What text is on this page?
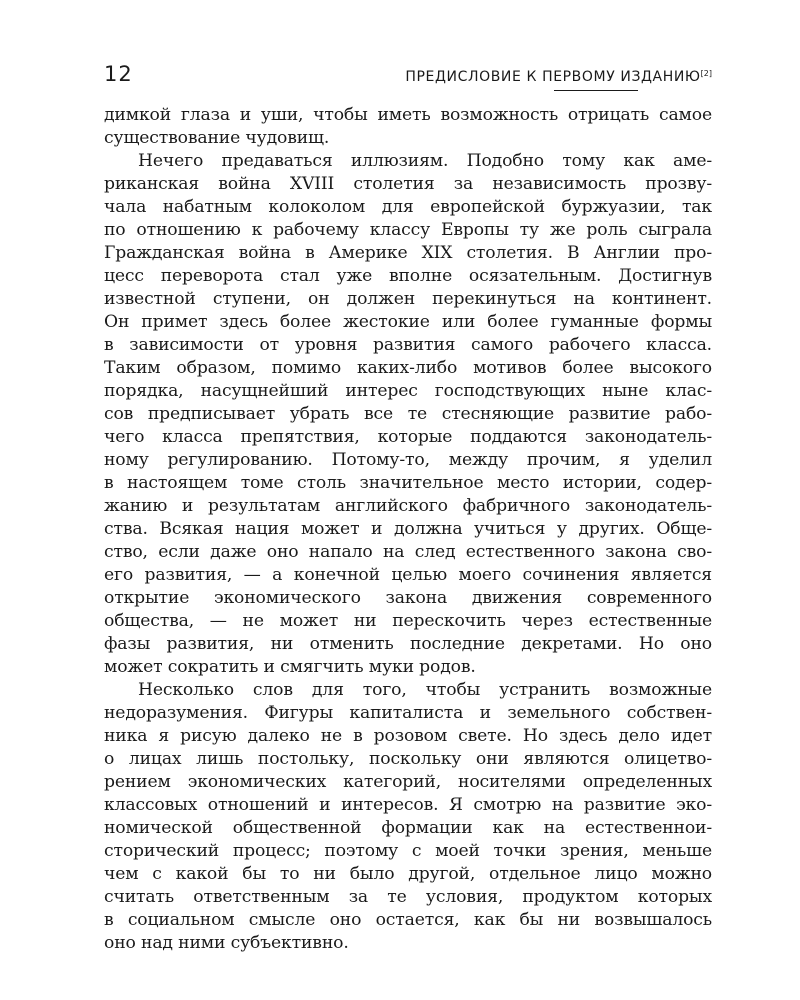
12	ПРЕДИСЛОВИЕ К ПЕРВОМУ ИЗДАНИЮ[2]
димкой глаза и уши, чтобы иметь возможность отрицать самое
существование чудовищ.
Нечего предаваться иллюзиям. Подобно тому как аме-
риканская война XVIII столетия за независимость прозву-
чала набатным колоколом для европейской буржуазии, так
по отношению к рабочему классу Европы ту же роль сыграла
Гражданская война в Америке XIX столетия. В Англии про-
цесс переворота стал уже вполне осязательным. Достигнув
известной ступени, он должен перекинуться на континент.
Он примет здесь более жестокие или более гуманные формы
в зависимости от уровня развития самого рабочего класса.
Таким образом, помимо каких-либо мотивов более высокого
порядка, насущнейший интерес господствующих ныне клас-
сов предписывает убрать все те стесняющие развитие рабо-
чего класса препятствия, которые поддаются законодатель-
ному регулированию. Потому-то, между прочим, я уделил
в настоящем томе столь значительное место истории, содер-
жанию и результатам английского фабричного законодатель-
ства. Всякая нация может и должна учиться у других. Обще-
ство, если даже оно напало на след естественного закона сво-
его развития, — а конечной целью моего сочинения является
открытие экономического закона движения современного
общества, — не может ни перескочить через естественные
фазы развития, ни отменить последние декретами. Но оно
может сократить и смягчить муки родов.
Несколько слов для того, чтобы устранить возможные
недоразумения. Фигуры капиталиста и земельного собствен-
ника я рисую далеко не в розовом свете. Но здесь дело идет
о лицах лишь постольку, поскольку они являются олицетво-
рением экономических категорий, носителями определенных
классовых отношений и интересов. Я смотрю на развитие эко-
номической общественной формации как на естественнои-
сторический процесс; поэтому с моей точки зрения, меньше
чем с какой бы то ни было другой, отдельное лицо можно
считать ответственным за те условия, продуктом которых
в социальном смысле оно остается, как бы ни возвышалось
оно над ними субъективно.
